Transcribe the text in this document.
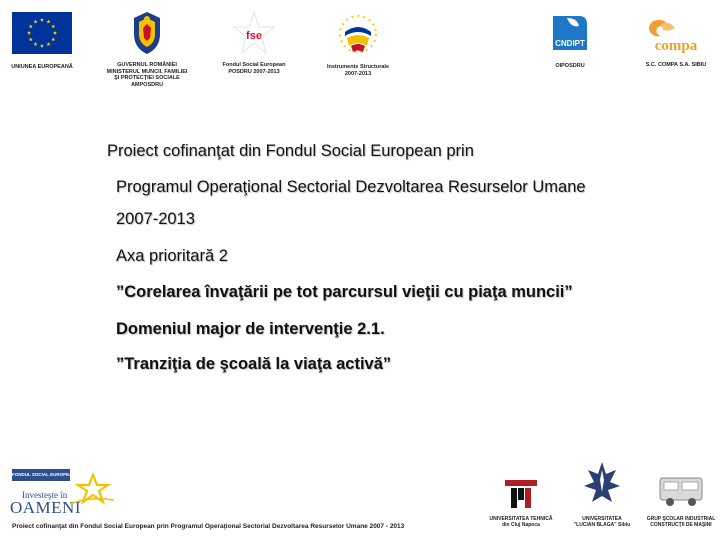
UNIUNEA EUROPEANĂ	GUVERNUL ROMÂNIEI
MINISTERUL MUNCII, FAMILIEI
ŞI PROTECŢIEI SOCIALE
AMPOSDRU
fse
Fondul Social European
POSDRU 2007-2013
Instrumente Structurale
2007-2013
CNDIPT
OIPOSDRU
compa
S.C. COMPA S.A. SIBIU
Proiect cofinanţat din Fondul Social European prin
Programul Operaţional Sectorial Dezvoltarea Resurselor Umane
2007-2013
Axa prioritară 2
”Corelarea învaţării pe tot parcursul vieţii cu piaţa muncii”
Domeniul major de intervenţie 2.1.
”Tranziţia de şcoală la viaţa activă”
FONDUL SOCIAL EUROPEAN
Investeşte în
OAMENI
Proiect cofinanţat din Fondul Social European prin Programul Operaţional Sectorial Dezvoltarea Resurselor Umane 2007 - 2013
UNIVERSITATEA TEHNICĂ
din Cluj Napoca
UNIVERSITATEA
"LUCIAN BLAGA" Sibiu
GRUP ŞCOLAR INDUSTRIAL
CONSTRUCŢII DE MAŞINI
